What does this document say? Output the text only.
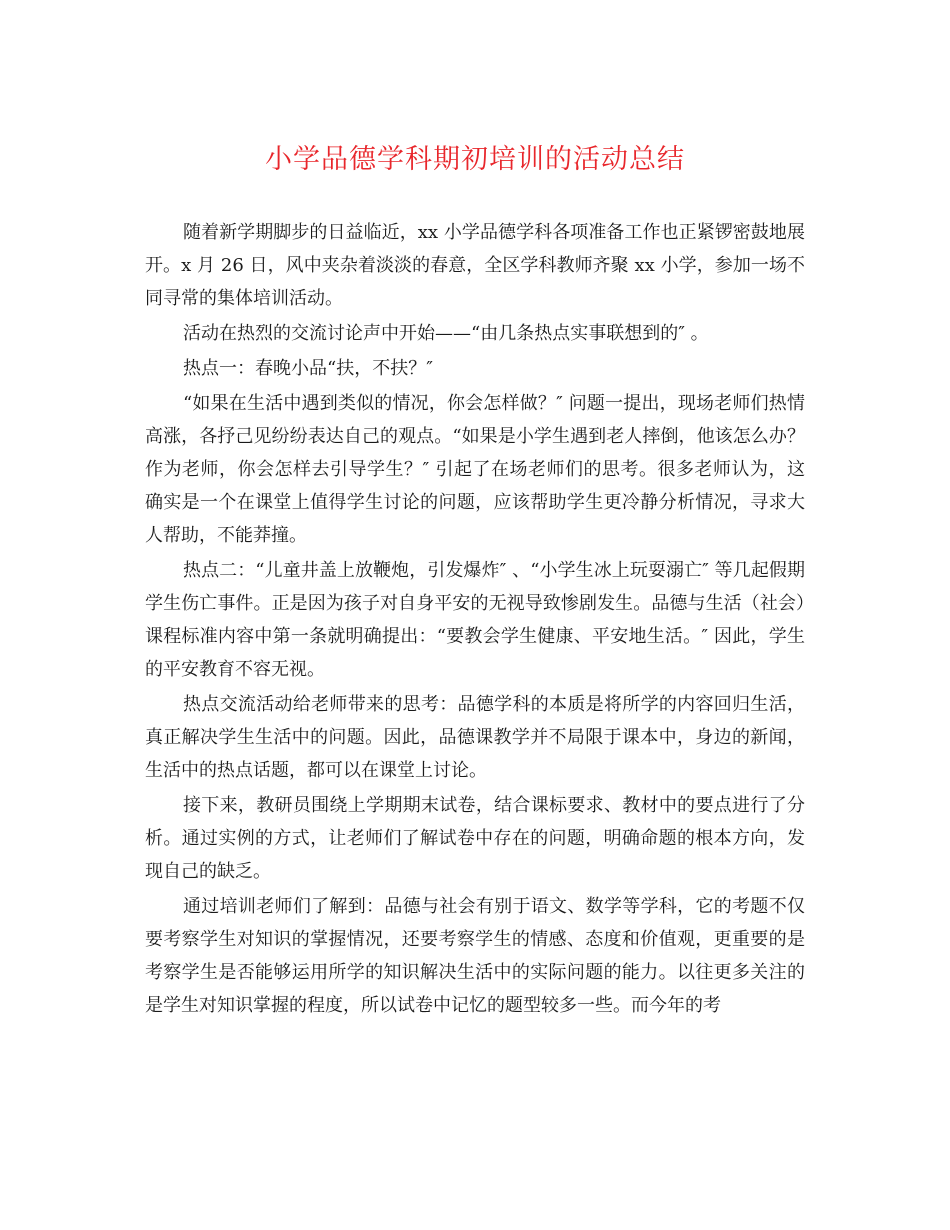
小学品德学科期初培训的活动总结

随着新学期脚步的日益临近，xx 小学品德学科各项准备工作也正紧锣密鼓地展开。x 月 26 日，风中夹杂着淡淡的春意，全区学科教师齐聚 xx 小学，参加一场不同寻常的集体培训活动。

活动在热烈的交流讨论声中开始——“由几条热点实事联想到的″ 。

热点一：春晚小品“扶，不扶？″

“如果在生活中遇到类似的情况，你会怎样做？″ 问题一提出，现场老师们热情高涨，各抒己见纷纷表达自己的观点。“如果是小学生遇到老人摔倒，他该怎么办？作为老师，你会怎样去引导学生？″ 引起了在场老师们的思考。很多老师认为，这确实是一个在课堂上值得学生讨论的问题，应该帮助学生更冷静分析情况，寻求大人帮助，不能莽撞。

热点二：“儿童井盖上放鞭炮，引发爆炸″ 、“小学生冰上玩耍溺亡″ 等几起假期学生伤亡事件。正是因为孩子对自身平安的无视导致惨剧发生。品德与生活（社会）课程标准内容中第一条就明确提出：“要教会学生健康、平安地生活。″ 因此，学生的平安教育不容无视。

热点交流活动给老师带来的思考：品德学科的本质是将所学的内容回归生活，真正解决学生生活中的问题。因此，品德课教学并不局限于课本中，身边的新闻，生活中的热点话题，都可以在课堂上讨论。

接下来，教研员围绕上学期期末试卷，结合课标要求、教材中的要点进行了分析。通过实例的方式，让老师们了解试卷中存在的问题，明确命题的根本方向，发现自己的缺乏。

通过培训老师们了解到：品德与社会有别于语文、数学等学科，它的考题不仅要考察学生对知识的掌握情况，还要考察学生的情感、态度和价值观，更重要的是考察学生是否能够运用所学的知识解决生活中的实际问题的能力。以往更多关注的是学生对知识掌握的程度，所以试卷中记忆的题型较多一些。而今年的考
